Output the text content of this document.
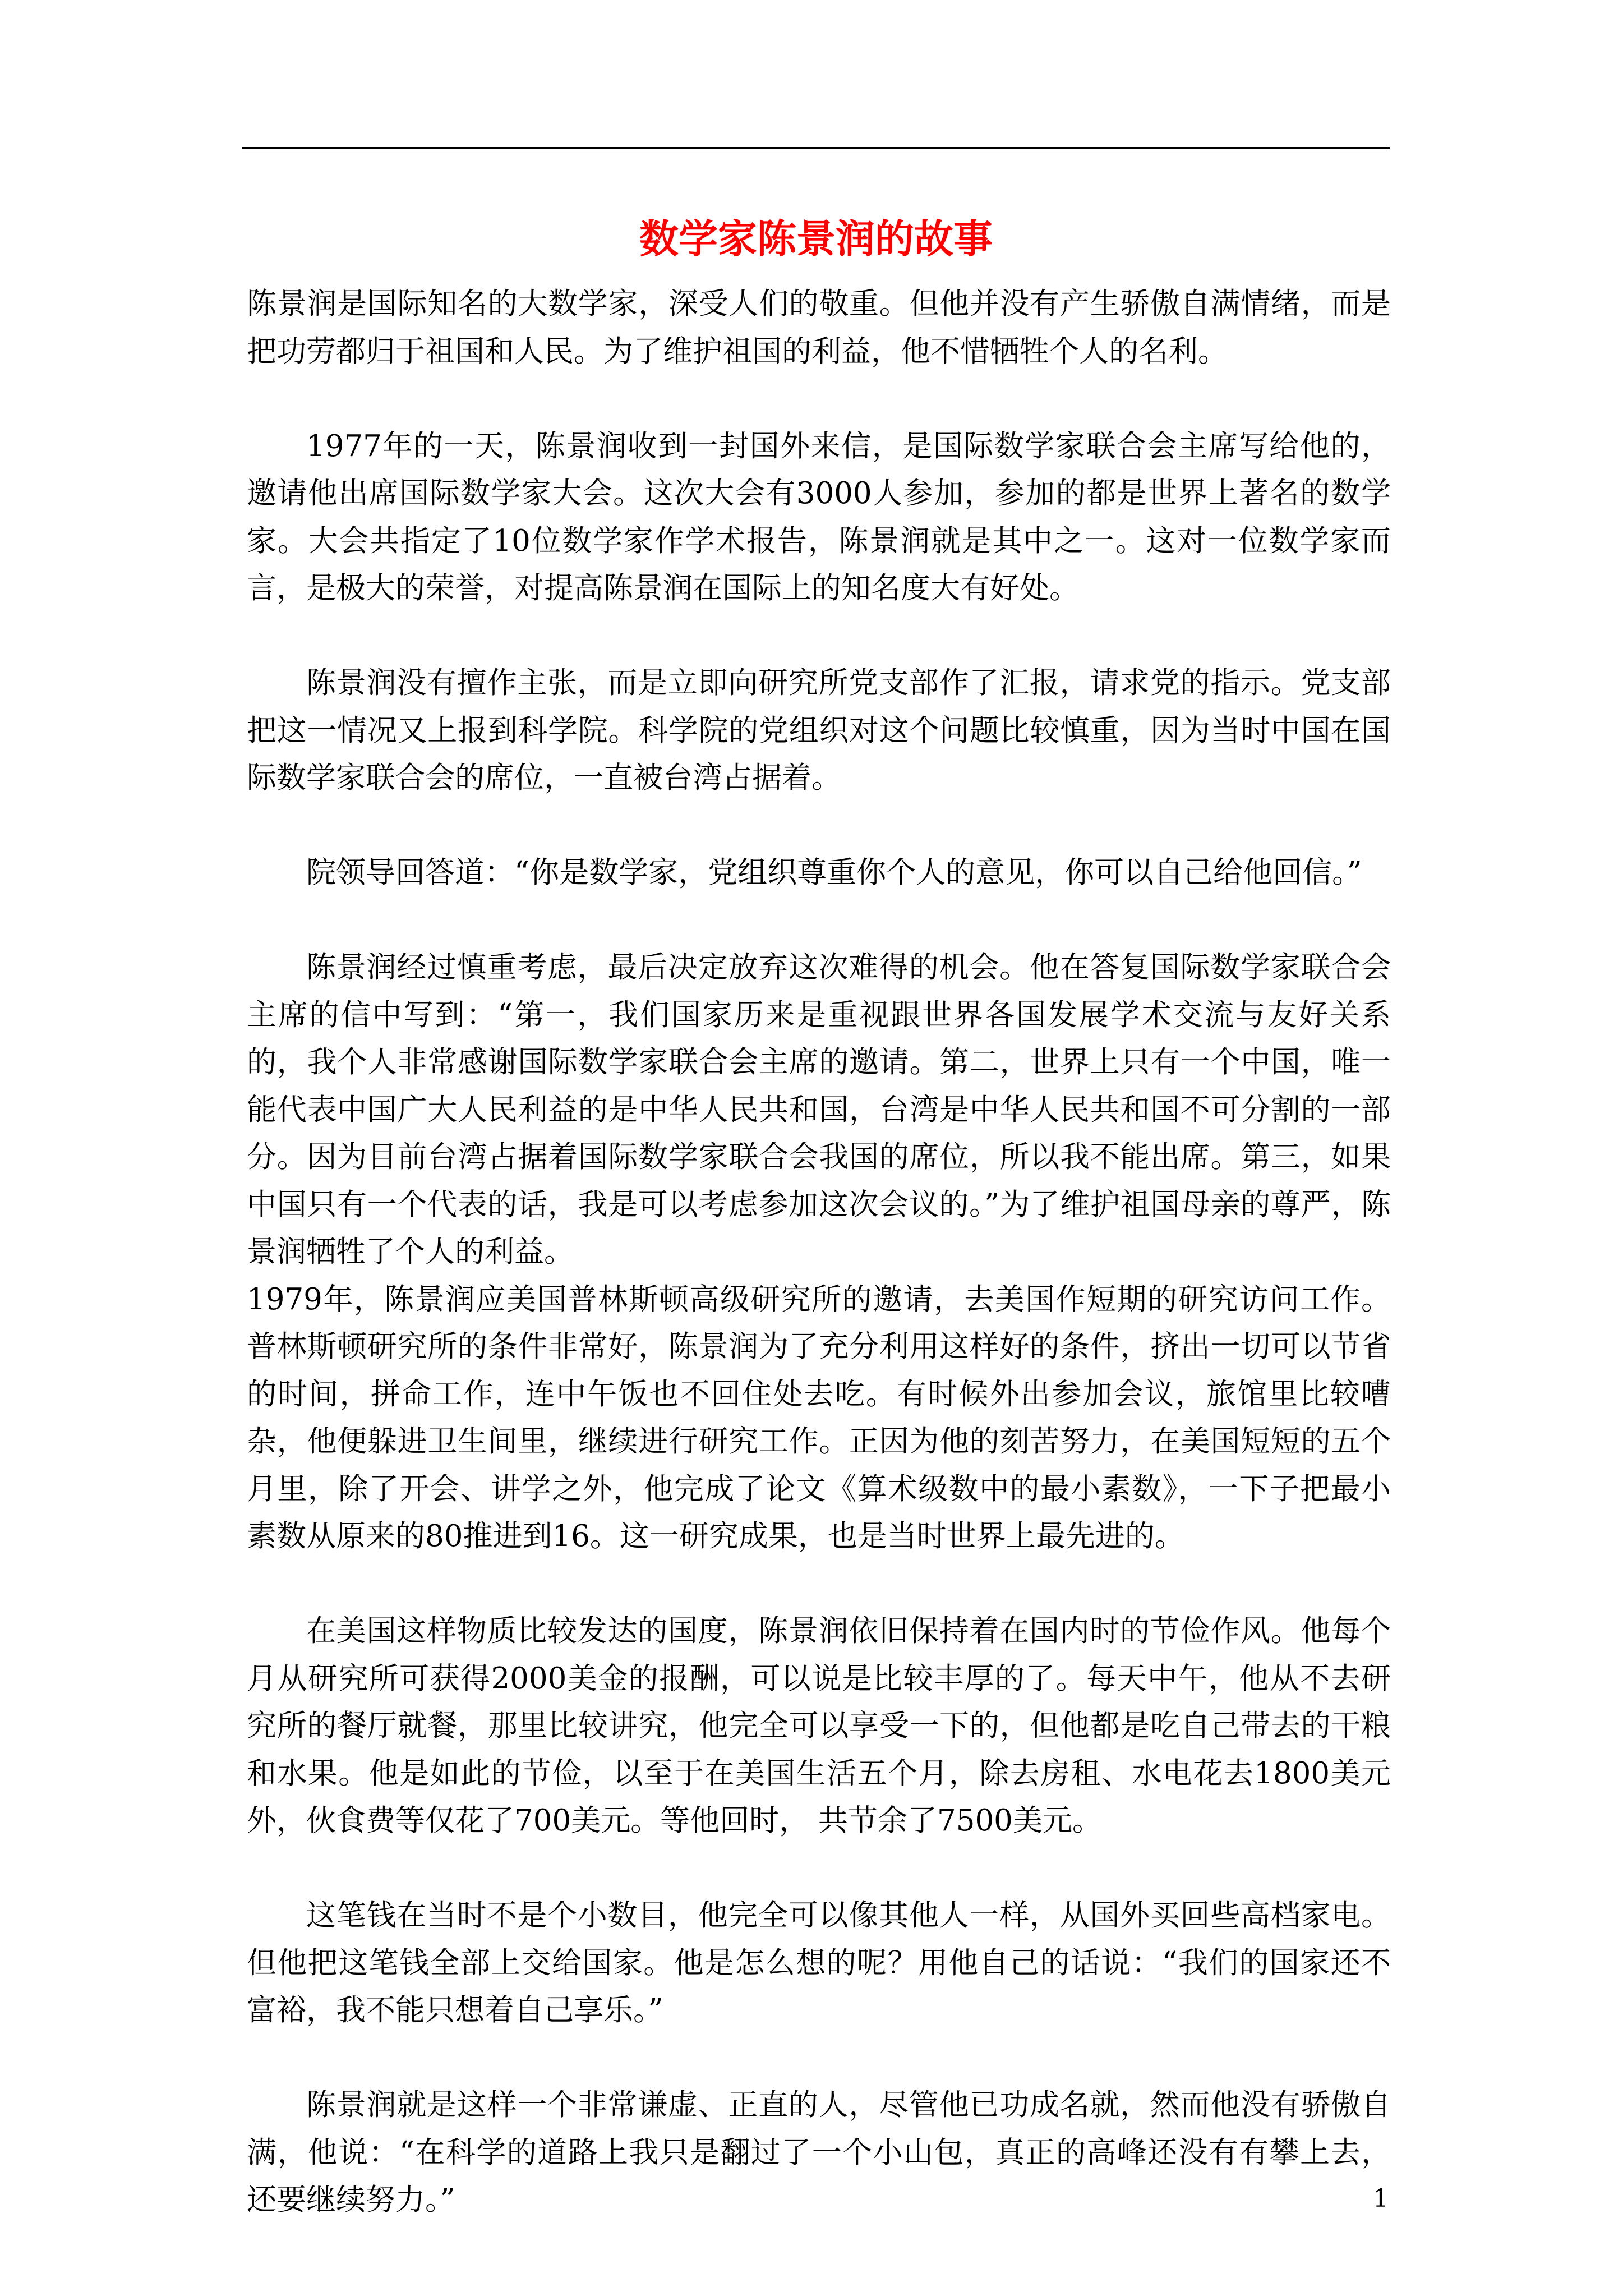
数学家陈景润的故事

陈景润是国际知名的大数学家，深受人们的敬重。但他并没有产生骄傲自满情绪，而是把功劳都归于祖国和人民。为了维护祖国的利益，他不惜牺牲个人的名利。

1977年的一天，陈景润收到一封国外来信，是国际数学家联合会主席写给他的，邀请他出席国际数学家大会。这次大会有3000人参加，参加的都是世界上著名的数学家。大会共指定了10位数学家作学术报告，陈景润就是其中之一。这对一位数学家而言，是极大的荣誉，对提高陈景润在国际上的知名度大有好处。

陈景润没有擅作主张，而是立即向研究所党支部作了汇报，请求党的指示。党支部把这一情况又上报到科学院。科学院的党组织对这个问题比较慎重，因为当时中国在国际数学家联合会的席位，一直被台湾占据着。

院领导回答道：“你是数学家，党组织尊重你个人的意见，你可以自己给他回信。”

陈景润经过慎重考虑，最后决定放弃这次难得的机会。他在答复国际数学家联合会主席的信中写到：“第一，我们国家历来是重视跟世界各国发展学术交流与友好关系的，我个人非常感谢国际数学家联合会主席的邀请。第二，世界上只有一个中国，唯一能代表中国广大人民利益的是中华人民共和国，台湾是中华人民共和国不可分割的一部分。因为目前台湾占据着国际数学家联合会我国的席位，所以我不能出席。第三，如果中国只有一个代表的话，我是可以考虑参加这次会议的。”为了维护祖国母亲的尊严，陈景润牺牲了个人的利益。

1979年，陈景润应美国普林斯顿高级研究所的邀请，去美国作短期的研究访问工作。普林斯顿研究所的条件非常好，陈景润为了充分利用这样好的条件，挤出一切可以节省的时间，拼命工作，连中午饭也不回住处去吃。有时候外出参加会议，旅馆里比较嘈杂，他便躲进卫生间里，继续进行研究工作。正因为他的刻苦努力，在美国短短的五个月里，除了开会、讲学之外，他完成了论文《算术级数中的最小素数》，一下子把最小素数从原来的80推进到16。这一研究成果，也是当时世界上最先进的。

在美国这样物质比较发达的国度，陈景润依旧保持着在国内时的节俭作风。他每个月从研究所可获得2000美金的报酬，可以说是比较丰厚的了。每天中午，他从不去研究所的餐厅就餐，那里比较讲究，他完全可以享受一下的，但他都是吃自己带去的干粮和水果。他是如此的节俭，以至于在美国生活五个月，除去房租、水电花去1800美元外，伙食费等仅花了700美元。等他回时， 共节余了7500美元。

这笔钱在当时不是个小数目，他完全可以像其他人一样，从国外买回些高档家电。但他把这笔钱全部上交给国家。他是怎么想的呢？用他自己的话说：“我们的国家还不富裕，我不能只想着自己享乐。”

陈景润就是这样一个非常谦虚、正直的人，尽管他已功成名就，然而他没有骄傲自满，他说：“在科学的道路上我只是翻过了一个小山包，真正的高峰还没有有攀上去，还要继续努力。”	1
